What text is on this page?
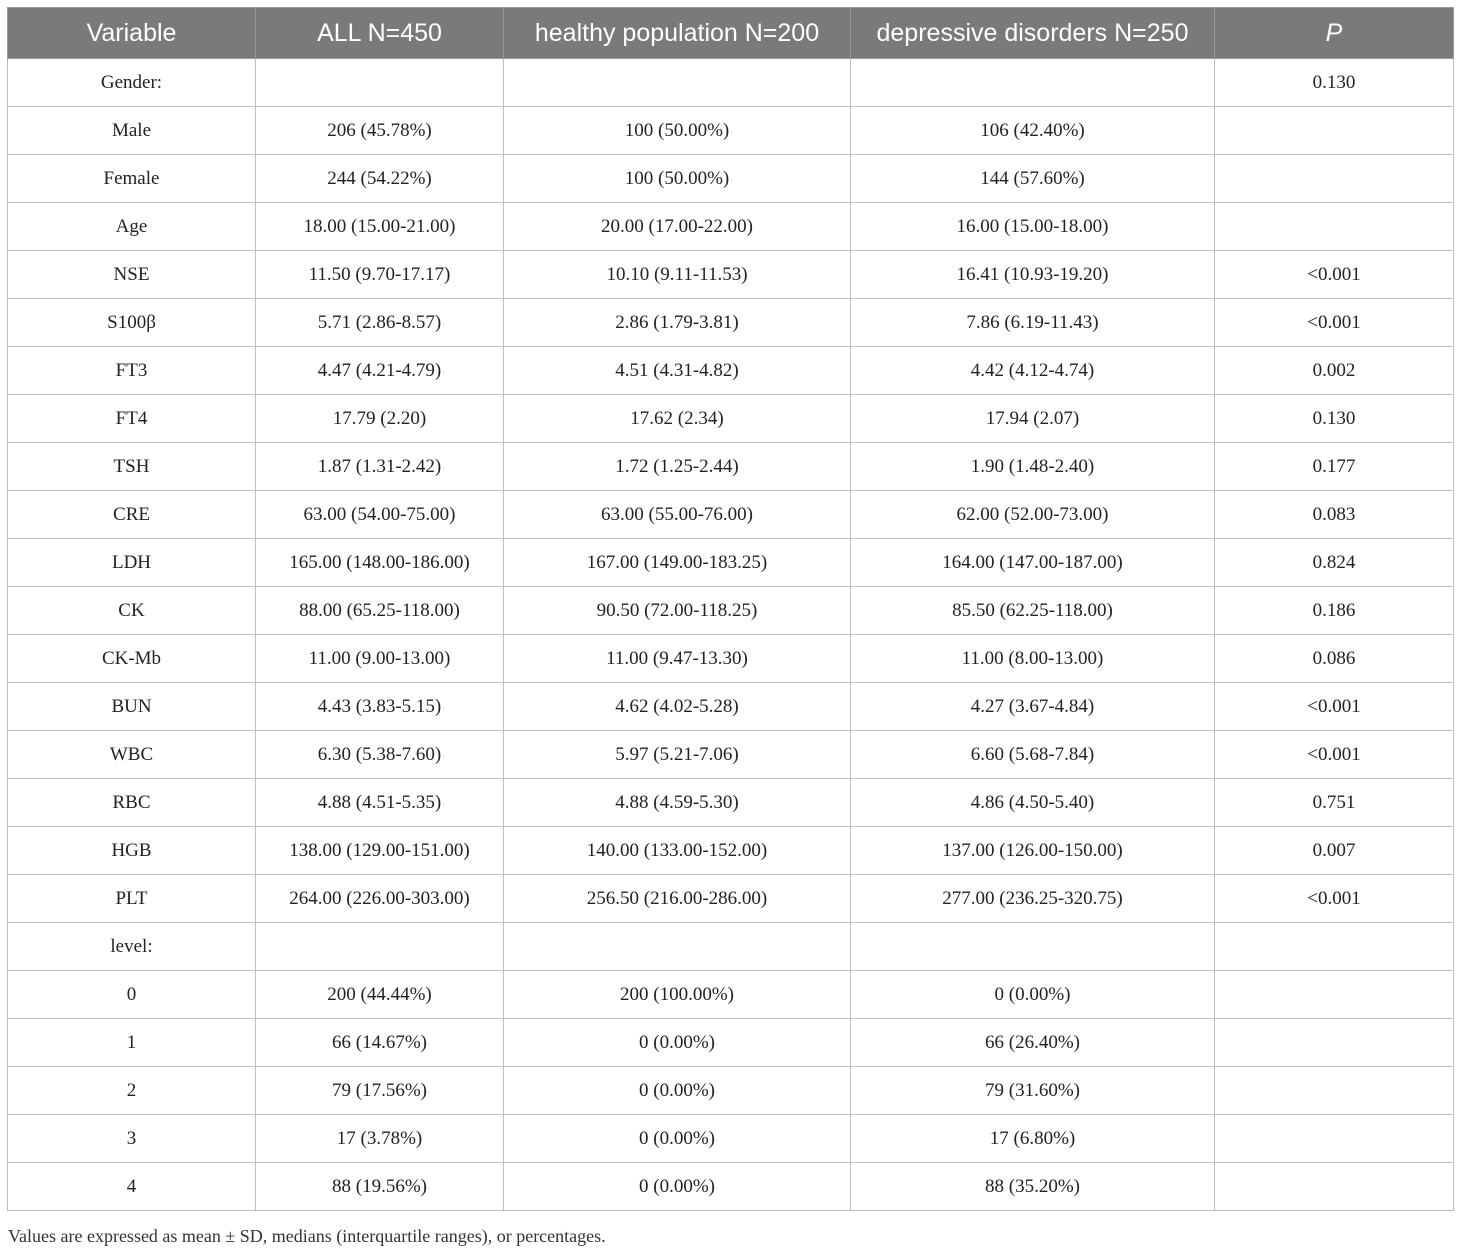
Variable	ALL N=450	healthy population N=200	depressive disorders N=250	P
Gender:				0.130
Male	206 (45.78%)	100 (50.00%)	106 (42.40%)	
Female	244 (54.22%)	100 (50.00%)	144 (57.60%)	
Age	18.00 (15.00-21.00)	20.00 (17.00-22.00)	16.00 (15.00-18.00)	
NSE	11.50 (9.70-17.17)	10.10 (9.11-11.53)	16.41 (10.93-19.20)	<0.001
S100β	5.71 (2.86-8.57)	2.86 (1.79-3.81)	7.86 (6.19-11.43)	<0.001
FT3	4.47 (4.21-4.79)	4.51 (4.31-4.82)	4.42 (4.12-4.74)	0.002
FT4	17.79 (2.20)	17.62 (2.34)	17.94 (2.07)	0.130
TSH	1.87 (1.31-2.42)	1.72 (1.25-2.44)	1.90 (1.48-2.40)	0.177
CRE	63.00 (54.00-75.00)	63.00 (55.00-76.00)	62.00 (52.00-73.00)	0.083
LDH	165.00 (148.00-186.00)	167.00 (149.00-183.25)	164.00 (147.00-187.00)	0.824
CK	88.00 (65.25-118.00)	90.50 (72.00-118.25)	85.50 (62.25-118.00)	0.186
CK-Mb	11.00 (9.00-13.00)	11.00 (9.47-13.30)	11.00 (8.00-13.00)	0.086
BUN	4.43 (3.83-5.15)	4.62 (4.02-5.28)	4.27 (3.67-4.84)	<0.001
WBC	6.30 (5.38-7.60)	5.97 (5.21-7.06)	6.60 (5.68-7.84)	<0.001
RBC	4.88 (4.51-5.35)	4.88 (4.59-5.30)	4.86 (4.50-5.40)	0.751
HGB	138.00 (129.00-151.00)	140.00 (133.00-152.00)	137.00 (126.00-150.00)	0.007
PLT	264.00 (226.00-303.00)	256.50 (216.00-286.00)	277.00 (236.25-320.75)	<0.001
level:				
0	200 (44.44%)	200 (100.00%)	0 (0.00%)	
1	66 (14.67%)	0 (0.00%)	66 (26.40%)	
2	79 (17.56%)	0 (0.00%)	79 (31.60%)	
3	17 (3.78%)	0 (0.00%)	17 (6.80%)	
4	88 (19.56%)	0 (0.00%)	88 (35.20%)	
Values are expressed as mean ± SD, medians (interquartile ranges), or percentages.
